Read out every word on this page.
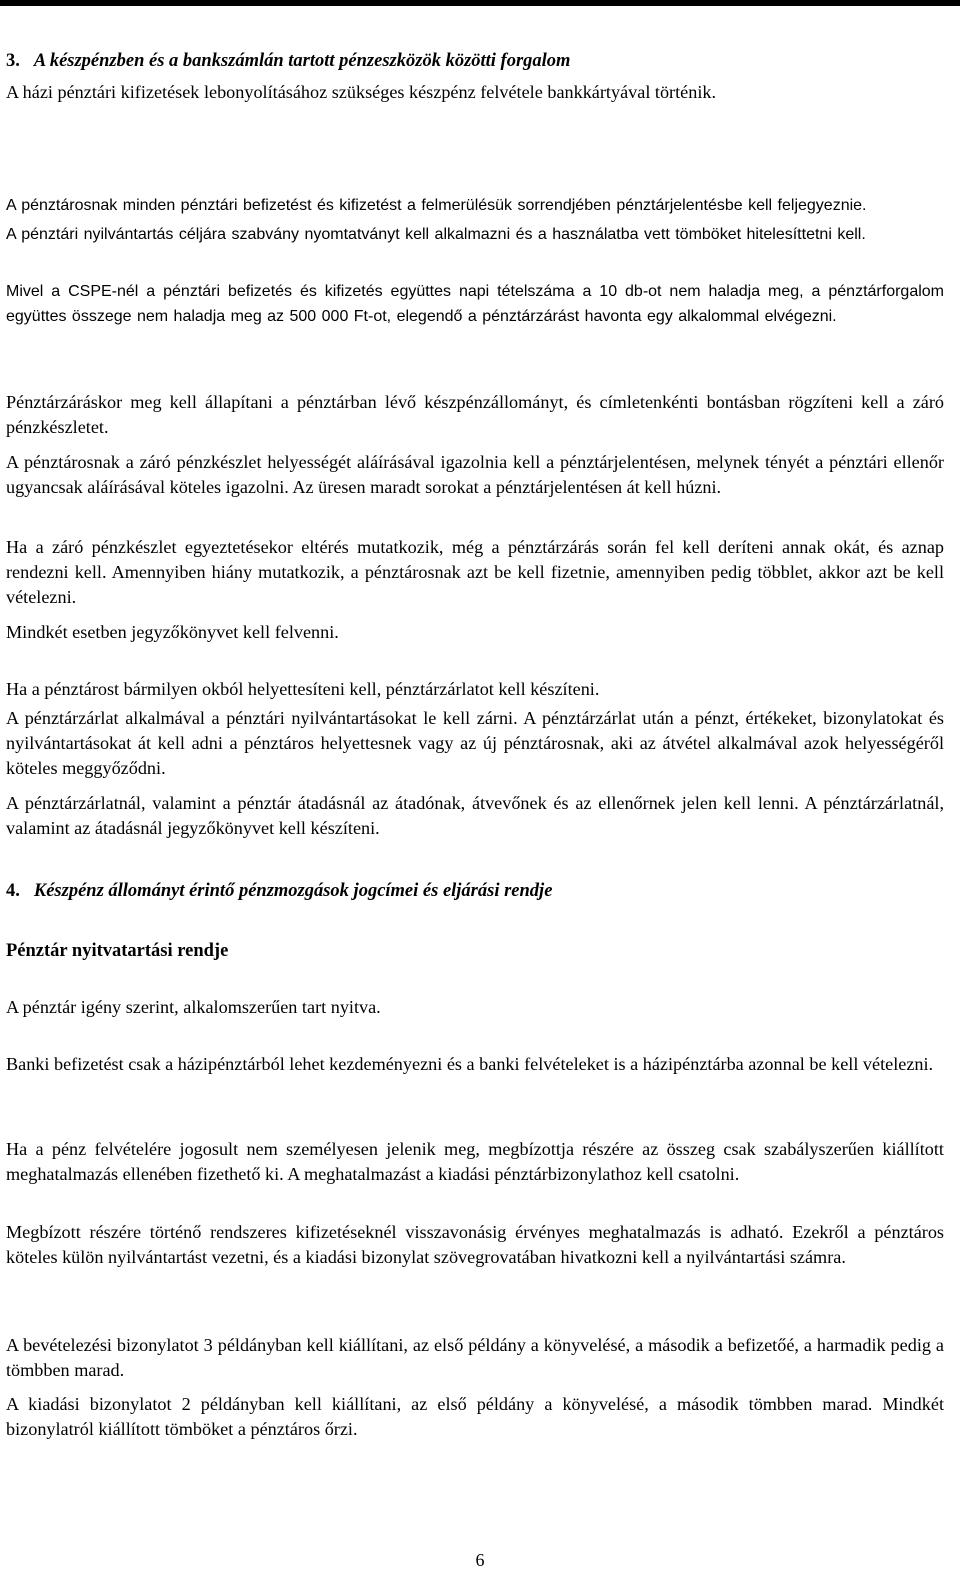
3. A készpénzben és a bankszámlán tartott pénzeszközök közötti forgalom

A házi pénztári kifizetések lebonyolításához szükséges készpénz felvétele bankkártyával történik.

A pénztárosnak minden pénztári befizetést és kifizetést a felmerülésük sorrendjében pénztárjelentésbe kell feljegyeznie.

A pénztári nyilvántartás céljára szabvány nyomtatványt kell alkalmazni és a használatba vett tömböket hitelesíttetni kell.

Mivel a CSPE-nél a pénztári befizetés és kifizetés együttes napi tételszáma a 10 db-ot nem haladja meg, a pénztárforgalom együttes összege nem haladja meg az 500 000 Ft-ot, elegendő a pénztárzárást havonta egy alkalommal elvégezni.

Pénztárzáráskor meg kell állapítani a pénztárban lévő készpénzállományt, és címletenkénti bontásban rögzíteni kell a záró pénzkészletet.

A pénztárosnak a záró pénzkészlet helyességét aláírásával igazolnia kell a pénztárjelentésen, melynek tényét a pénztári ellenőr ugyancsak aláírásával köteles igazolni. Az üresen maradt sorokat a pénztárjelentésen át kell húzni.

Ha a záró pénzkészlet egyeztetésekor eltérés mutatkozik, még a pénztárzárás során fel kell deríteni annak okát, és aznap rendezni kell. Amennyiben hiány mutatkozik, a pénztárosnak azt be kell fizetnie, amennyiben pedig többlet, akkor azt be kell vételezni.

Mindkét esetben jegyzőkönyvet kell felvenni.

Ha a pénztárost bármilyen okból helyettesíteni kell, pénztárzárlatot kell készíteni.

A pénztárzárlat alkalmával a pénztári nyilvántartásokat le kell zárni. A pénztárzárlat után a pénzt, értékeket, bizonylatokat és nyilvántartásokat át kell adni a pénztáros helyettesnek vagy az új pénztárosnak, aki az átvétel alkalmával azok helyességéről köteles meggyőződni.

A pénztárzárlatnál, valamint a pénztár átadásnál az átadónak, átvevőnek és az ellenőrnek jelen kell lenni. A pénztárzárlatnál, valamint az átadásnál jegyzőkönyvet kell készíteni.

4. Készpénz állományt érintő pénzmozgások jogcímei és eljárási rendje
Pénztár nyitvatartási rendje

A pénztár igény szerint, alkalomszerűen tart nyitva.

Banki befizetést csak a házipénztárból lehet kezdeményezni és a banki felvételeket is a házipénztárba azonnal be kell vételezni.

Ha a pénz felvételére jogosult nem személyesen jelenik meg, megbízottja részére az összeg csak szabályszerűen kiállított meghatalmazás ellenében fizethető ki. A meghatalmazást a kiadási pénztárbizonylathoz kell csatolni.

Megbízott részére történő rendszeres kifizetéseknél visszavonásig érvényes meghatalmazás is adható. Ezekről a pénztáros köteles külön nyilvántartást vezetni, és a kiadási bizonylat szövegrovatában hivatkozni kell a nyilvántartási számra.

A bevételezési bizonylatot 3 példányban kell kiállítani, az első példány a könyvelésé, a második a befizetőé, a harmadik pedig a tömbben marad.

A kiadási bizonylatot 2 példányban kell kiállítani, az első példány a könyvelésé, a második tömbben marad. Mindkét bizonylatról kiállított tömböket a pénztáros őrzi.

6
